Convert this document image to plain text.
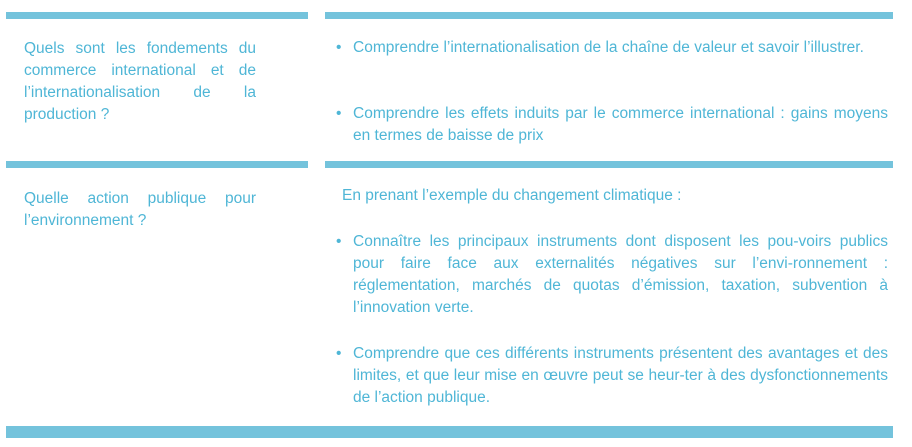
Quels sont les fondements du commerce international et de l’internationalisation de la production ?
• Comprendre l’internationalisation de la chaîne de valeur et savoir l’illustrer.
• Comprendre les effets induits par le commerce international : gains moyens en termes de baisse de prix
Quelle action publique pour l’environnement ?
En prenant l’exemple du changement climatique :
• Connaître les principaux instruments dont disposent les pou-voirs publics pour faire face aux externalités négatives sur l’envi-ronnement : réglementation, marchés de quotas d’émission, taxation, subvention à l’innovation verte.
• Comprendre que ces différents instruments présentent des avantages et des limites, et que leur mise en œuvre peut se heur-ter à des dysfonctionnements de l’action publique.
